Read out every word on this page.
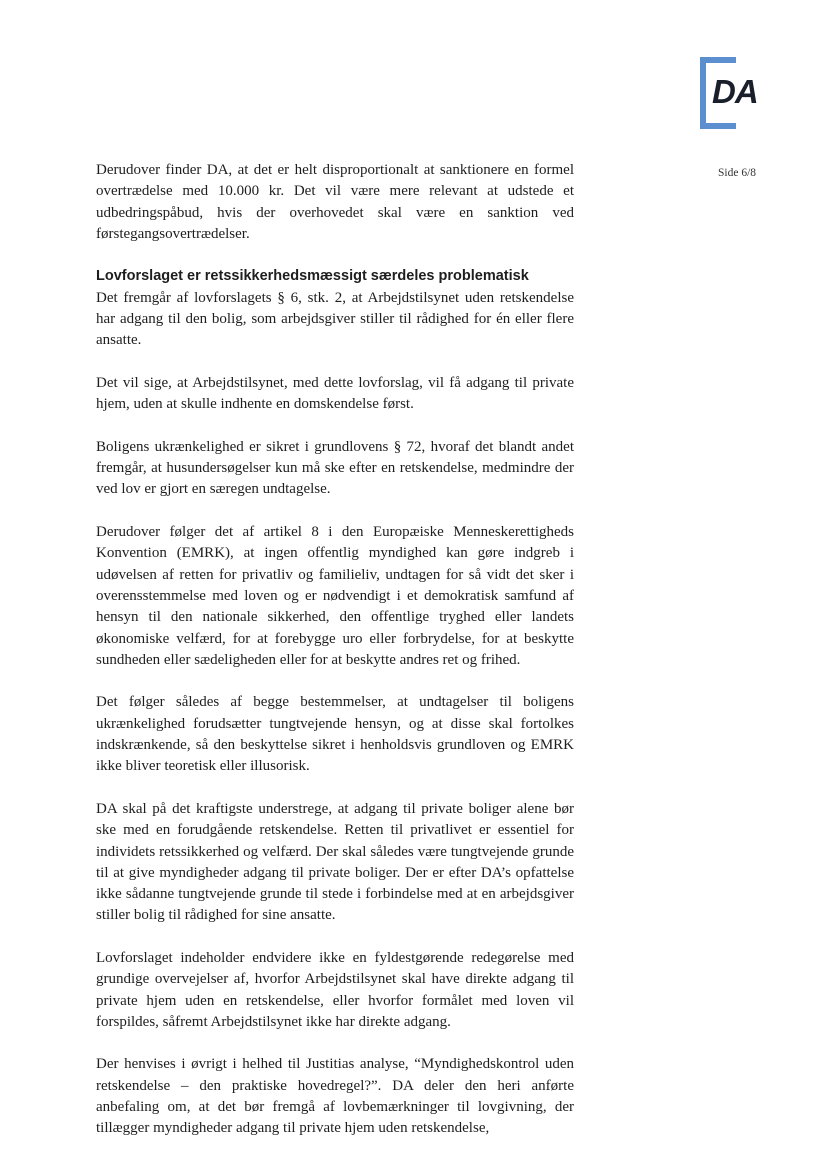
DA
Side 6/8

Derudover finder DA, at det er helt disproportionalt at sanktionere en formel overtrædelse med 10.000 kr. Det vil være mere relevant at udstede et udbedringspåbud, hvis der overhovedet skal være en sanktion ved førstegangsovertrædelser.

Lovforslaget er retssikkerhedsmæssigt særdeles problematisk

Det fremgår af lovforslagets § 6, stk. 2, at Arbejdstilsynet uden retskendelse har adgang til den bolig, som arbejdsgiver stiller til rådighed for én eller flere ansatte.

Det vil sige, at Arbejdstilsynet, med dette lovforslag, vil få adgang til private hjem, uden at skulle indhente en domskendelse først.

Boligens ukrænkelighed er sikret i grundlovens § 72, hvoraf det blandt andet fremgår, at husundersøgelser kun må ske efter en retskendelse, medmindre der ved lov er gjort en særegen undtagelse.

Derudover følger det af artikel 8 i den Europæiske Menneskerettigheds Konvention (EMRK), at ingen offentlig myndighed kan gøre indgreb i udøvelsen af retten for privatliv og familieliv, undtagen for så vidt det sker i overensstemmelse med loven og er nødvendigt i et demokratisk samfund af hensyn til den nationale sikkerhed, den offentlige tryghed eller landets økonomiske velfærd, for at forebygge uro eller forbrydelse, for at beskytte sundheden eller sædeligheden eller for at beskytte andres ret og frihed.

Det følger således af begge bestemmelser, at undtagelser til boligens ukrænkelighed forudsætter tungtvejende hensyn, og at disse skal fortolkes indskrænkende, så den beskyttelse sikret i henholdsvis grundloven og EMRK ikke bliver teoretisk eller illusorisk.

DA skal på det kraftigste understrege, at adgang til private boliger alene bør ske med en forudgående retskendelse. Retten til privatlivet er essentiel for individets retssikkerhed og velfærd. Der skal således være tungtvejende grunde til at give myndigheder adgang til private boliger. Der er efter DA’s opfattelse ikke sådanne tungtvejende grunde til stede i forbindelse med at en arbejdsgiver stiller bolig til rådighed for sine ansatte.

Lovforslaget indeholder endvidere ikke en fyldestgørende redegørelse med grundige overvejelser af, hvorfor Arbejdstilsynet skal have direkte adgang til private hjem uden en retskendelse, eller hvorfor formålet med loven vil forspildes, såfremt Arbejdstilsynet ikke har direkte adgang.

Der henvises i øvrigt i helhed til Justitias analyse, “Myndighedskontrol uden retskendelse – den praktiske hovedregel?”. DA deler den heri anførte anbefaling om, at det bør fremgå af lovbemærkninger til lovgivning, der tillægger myndigheder adgang til private hjem uden retskendelse,
